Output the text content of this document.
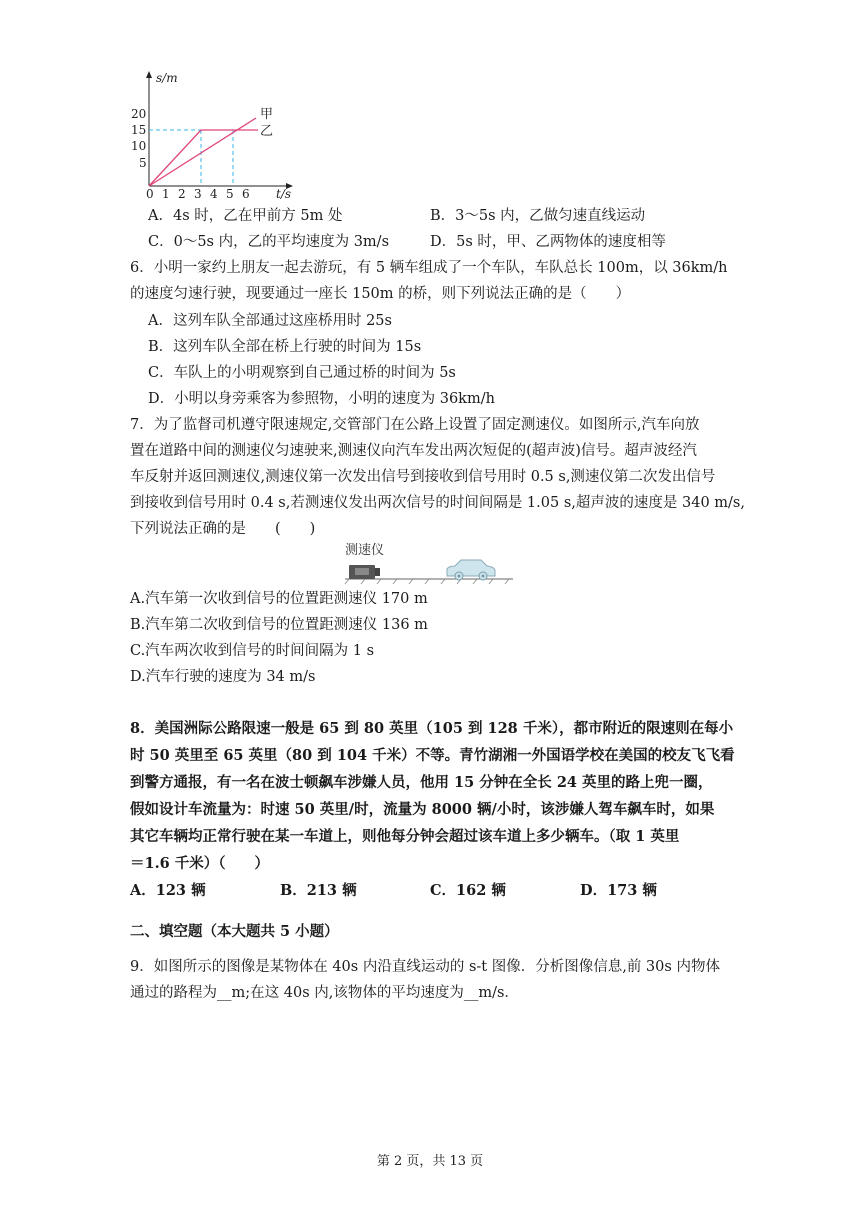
s/m
t/s
20
15
10
5
0 1 2 3 4 5 6
甲
乙
A．4s 时，乙在甲前方 5m 处	B．3～5s 内，乙做匀速直线运动
C．0～5s 内，乙的平均速度为 3m/s	D．5s 时，甲、乙两物体的速度相等
6．小明一家约上朋友一起去游玩，有 5 辆车组成了一个车队，车队总长 100m，以 36km/h
的速度匀速行驶，现要通过一座长 150m 的桥，则下列说法正确的是（　　）
A．这列车队全部通过这座桥用时 25s
B．这列车队全部在桥上行驶的时间为 15s
C．车队上的小明观察到自己通过桥的时间为 5s
D．小明以身旁乘客为参照物，小明的速度为 36km/h
7．为了监督司机遵守限速规定,交管部门在公路上设置了固定测速仪。如图所示,汽车向放
置在道路中间的测速仪匀速驶来,测速仪向汽车发出两次短促的(超声波)信号。超声波经汽
车反射并返回测速仪,测速仪第一次发出信号到接收到信号用时 0.5 s,测速仪第二次发出信号
到接收到信号用时 0.4 s,若测速仪发出两次信号的时间间隔是 1.05 s,超声波的速度是 340 m/s,
下列说法正确的是　　(　　)
测速仪
A.汽车第一次收到信号的位置距测速仪 170 m
B.汽车第二次收到信号的位置距测速仪 136 m
C.汽车两次收到信号的时间间隔为 1 s
D.汽车行驶的速度为 34 m/s
8．美国洲际公路限速一般是 65 到 80 英里（105 到 128 千米），都市附近的限速则在每小
时 50 英里至 65 英里（80 到 104 千米）不等。青竹湖湘一外国语学校在美国的校友飞飞看
到警方通报，有一名在波士顿飙车涉嫌人员，他用 15 分钟在全长 24 英里的路上兜一圈，
假如设计车流量为：时速 50 英里/时，流量为 8000 辆/小时，该涉嫌人驾车飙车时，如果
其它车辆均正常行驶在某一车道上，则他每分钟会超过该车道上多少辆车。（取 1 英里
＝1.6 千米）（　　）
A．123 辆	B．213 辆	C．162 辆	D．173 辆
二、填空题（本大题共 5 小题）
9．如图所示的图像是某物体在 40s 内沿直线运动的 s-t 图像．分析图像信息,前 30s 内物体
通过的路程为__m;在这 40s 内,该物体的平均速度为__m/s．
第 2 页，共 13 页
